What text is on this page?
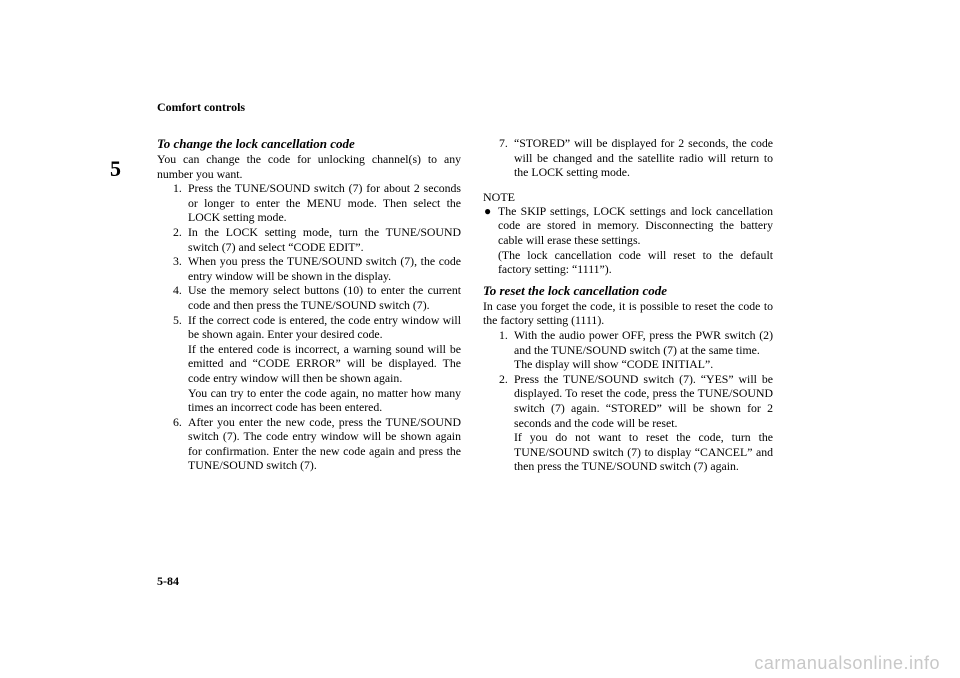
Comfort controls
5
To change the lock cancellation code

You can change the code for unlocking channel(s) to any number you want.

1. Press the TUNE/SOUND switch (7) for about 2 seconds or longer to enter the MENU mode. Then select the LOCK setting mode.
2. In the LOCK setting mode, turn the TUNE/SOUND switch (7) and select “CODE EDIT”.
3. When you press the TUNE/SOUND switch (7), the code entry window will be shown in the display.
4. Use the memory select buttons (10) to enter the current code and then press the TUNE/SOUND switch (7).
5. If the correct code is entered, the code entry window will be shown again. Enter your desired code.
If the entered code is incorrect, a warning sound will be emitted and “CODE ERROR” will be displayed. The code entry window will then be shown again.
You can try to enter the code again, no matter how many times an incorrect code has been entered.
6. After you enter the new code, press the TUNE/SOUND switch (7). The code entry window will be shown again for confirmation. Enter the new code again and press the TUNE/SOUND switch (7).
7. “STORED” will be displayed for 2 seconds, the code will be changed and the satellite radio will return to the LOCK setting mode.
NOTE
● The SKIP settings, LOCK settings and lock cancellation code are stored in memory. Disconnecting the battery cable will erase these settings.
(The lock cancellation code will reset to the default factory setting: “1111”).
To reset the lock cancellation code

In case you forget the code, it is possible to reset the code to the factory setting (1111).

1. With the audio power OFF, press the PWR switch (2) and the TUNE/SOUND switch (7) at the same time.
The display will show “CODE INITIAL”.
2. Press the TUNE/SOUND switch (7). “YES” will be displayed. To reset the code, press the TUNE/SOUND switch (7) again. “STORED” will be shown for 2 seconds and the code will be reset.
If you do not want to reset the code, turn the TUNE/SOUND switch (7) to display “CANCEL” and then press the TUNE/SOUND switch (7) again.
5-84
carmanualsonline.info
